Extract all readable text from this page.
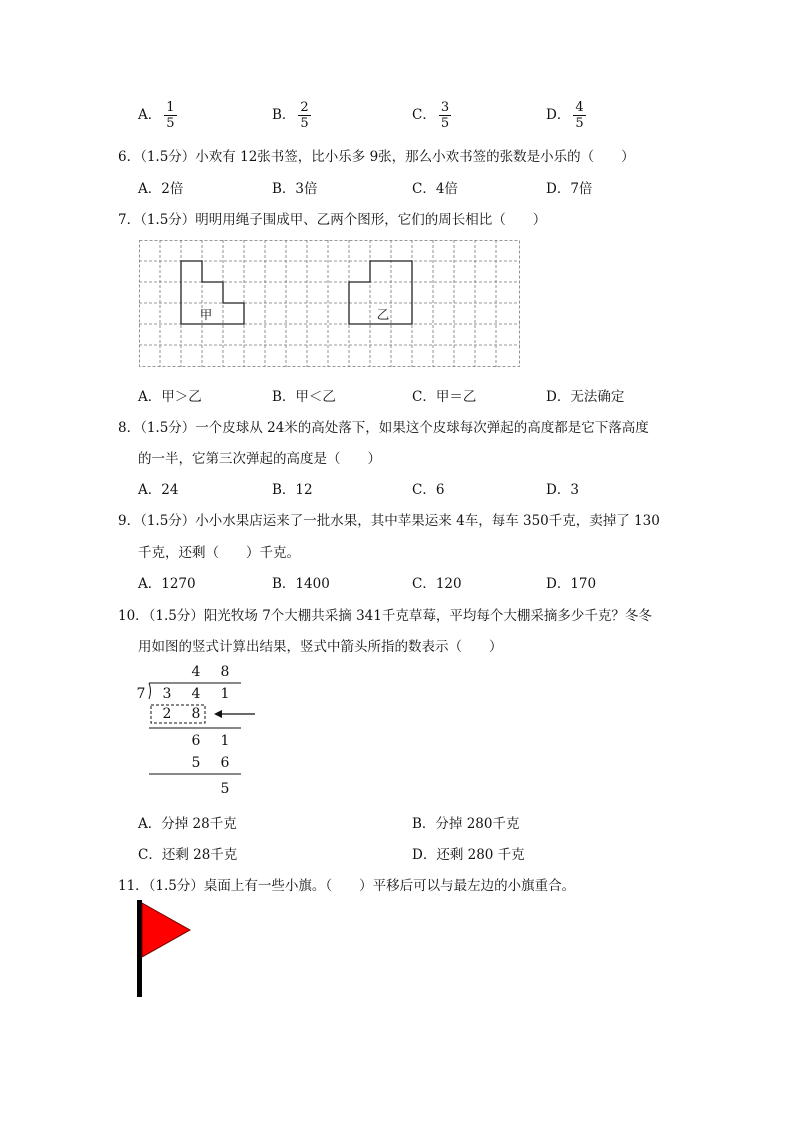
A． $\frac{1}{5}$	B． $\frac{2}{5}$	C． $\frac{3}{5}$	D． $\frac{4}{5}$
6．（1.5分）小欢有 12张书签，比小乐多 9张，那么小欢书签的张数是小乐的（　　）
A．2倍	B．3倍	C．4倍	D．7倍
7．（1.5分）明明用绳子围成甲、乙两个图形，它们的周长相比（　　）
甲	乙
A．甲＞乙	B．甲＜乙	C．甲＝乙	D．无法确定
8．（1.5分）一个皮球从 24米的高处落下，如果这个皮球每次弹起的高度都是它下落高度
的一半，它第三次弹起的高度是（　　）
A．24	B．12	C．6	D．3
9．（1.5分）小小水果店运来了一批水果，其中苹果运来 4车，每车 350千克，卖掉了 130
千克，还剩（　　）千克。
A．1270	B．1400	C．120	D．170
10．（1.5分）阳光牧场 7个大棚共采摘 341千克草莓，平均每个大棚采摘多少千克？冬冬
用如图的竖式计算出结果，竖式中箭头所指的数表示（　　）
4	8
7	3	4	1
2	8
6	1
5	6
5
A．分掉 28千克	B．分掉 280千克
C．还剩 28千克	D．还剩 280 千克
11．（1.5分）桌面上有一些小旗。（　　）平移后可以与最左边的小旗重合。
